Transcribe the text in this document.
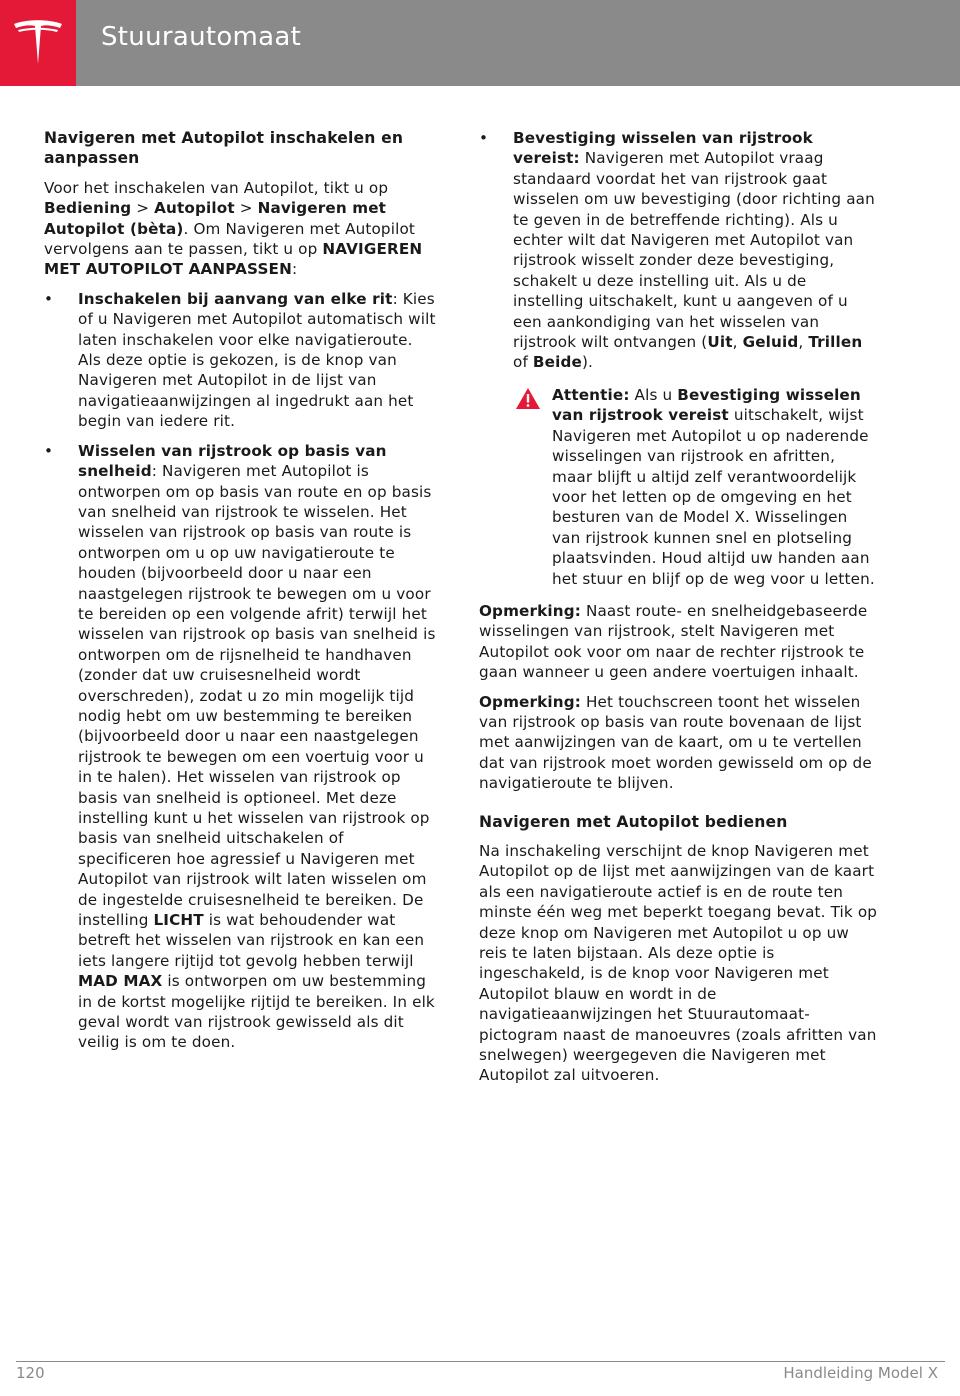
Stuurautomaat

Navigeren met Autopilot inschakelen en aanpassen

Voor het inschakelen van Autopilot, tikt u op Bediening > Autopilot > Navigeren met Autopilot (bèta). Om Navigeren met Autopilot vervolgens aan te passen, tikt u op NAVIGEREN MET AUTOPILOT AANPASSEN:

• Inschakelen bij aanvang van elke rit: Kies of u Navigeren met Autopilot automatisch wilt laten inschakelen voor elke navigatieroute. Als deze optie is gekozen, is de knop van Navigeren met Autopilot in de lijst van navigatieaanwijzingen al ingedrukt aan het begin van iedere rit.
• Wisselen van rijstrook op basis van snelheid: Navigeren met Autopilot is ontworpen om op basis van route en op basis van snelheid van rijstrook te wisselen. Het wisselen van rijstrook op basis van route is ontworpen om u op uw navigatieroute te houden (bijvoorbeeld door u naar een naastgelegen rijstrook te bewegen om u voor te bereiden op een volgende afrit) terwijl het wisselen van rijstrook op basis van snelheid is ontworpen om de rijsnelheid te handhaven (zonder dat uw cruisesnelheid wordt overschreden), zodat u zo min mogelijk tijd nodig hebt om uw bestemming te bereiken (bijvoorbeeld door u naar een naastgelegen rijstrook te bewegen om een voertuig voor u in te halen). Het wisselen van rijstrook op basis van snelheid is optioneel. Met deze instelling kunt u het wisselen van rijstrook op basis van snelheid uitschakelen of specificeren hoe agressief u Navigeren met Autopilot van rijstrook wilt laten wisselen om de ingestelde cruisesnelheid te bereiken. De instelling LICHT is wat behoudender wat betreft het wisselen van rijstrook en kan een iets langere rijtijd tot gevolg hebben terwijl MAD MAX is ontworpen om uw bestemming in de kortst mogelijke rijtijd te bereiken. In elk geval wordt van rijstrook gewisseld als dit veilig is om te doen.
• Bevestiging wisselen van rijstrook vereist: Navigeren met Autopilot vraag standaard voordat het van rijstrook gaat wisselen om uw bevestiging (door richting aan te geven in de betreffende richting). Als u echter wilt dat Navigeren met Autopilot van rijstrook wisselt zonder deze bevestiging, schakelt u deze instelling uit. Als u de instelling uitschakelt, kunt u aangeven of u een aankondiging van het wisselen van rijstrook wilt ontvangen (Uit, Geluid, Trillen of Beide).
Attentie: Als u Bevestiging wisselen van rijstrook vereist uitschakelt, wijst Navigeren met Autopilot u op naderende wisselingen van rijstrook en afritten, maar blijft u altijd zelf verantwoordelijk voor het letten op de omgeving en het besturen van de Model X. Wisselingen van rijstrook kunnen snel en plotseling plaatsvinden. Houd altijd uw handen aan het stuur en blijf op de weg voor u letten.

Opmerking: Naast route- en snelheidgebaseerde wisselingen van rijstrook, stelt Navigeren met Autopilot ook voor om naar de rechter rijstrook te gaan wanneer u geen andere voertuigen inhaalt.

Opmerking: Het touchscreen toont het wisselen van rijstrook op basis van route bovenaan de lijst met aanwijzingen van de kaart, om u te vertellen dat van rijstrook moet worden gewisseld om op de navigatieroute te blijven.

Navigeren met Autopilot bedienen

Na inschakeling verschijnt de knop Navigeren met Autopilot op de lijst met aanwijzingen van de kaart als een navigatieroute actief is en de route ten minste één weg met beperkt toegang bevat. Tik op deze knop om Navigeren met Autopilot u op uw reis te laten bijstaan. Als deze optie is ingeschakeld, is de knop voor Navigeren met Autopilot blauw en wordt in de navigatieaanwijzingen het Stuurautomaat-pictogram naast de manoeuvres (zoals afritten van snelwegen) weergegeven die Navigeren met Autopilot zal uitvoeren.

120	Handleiding Model X
